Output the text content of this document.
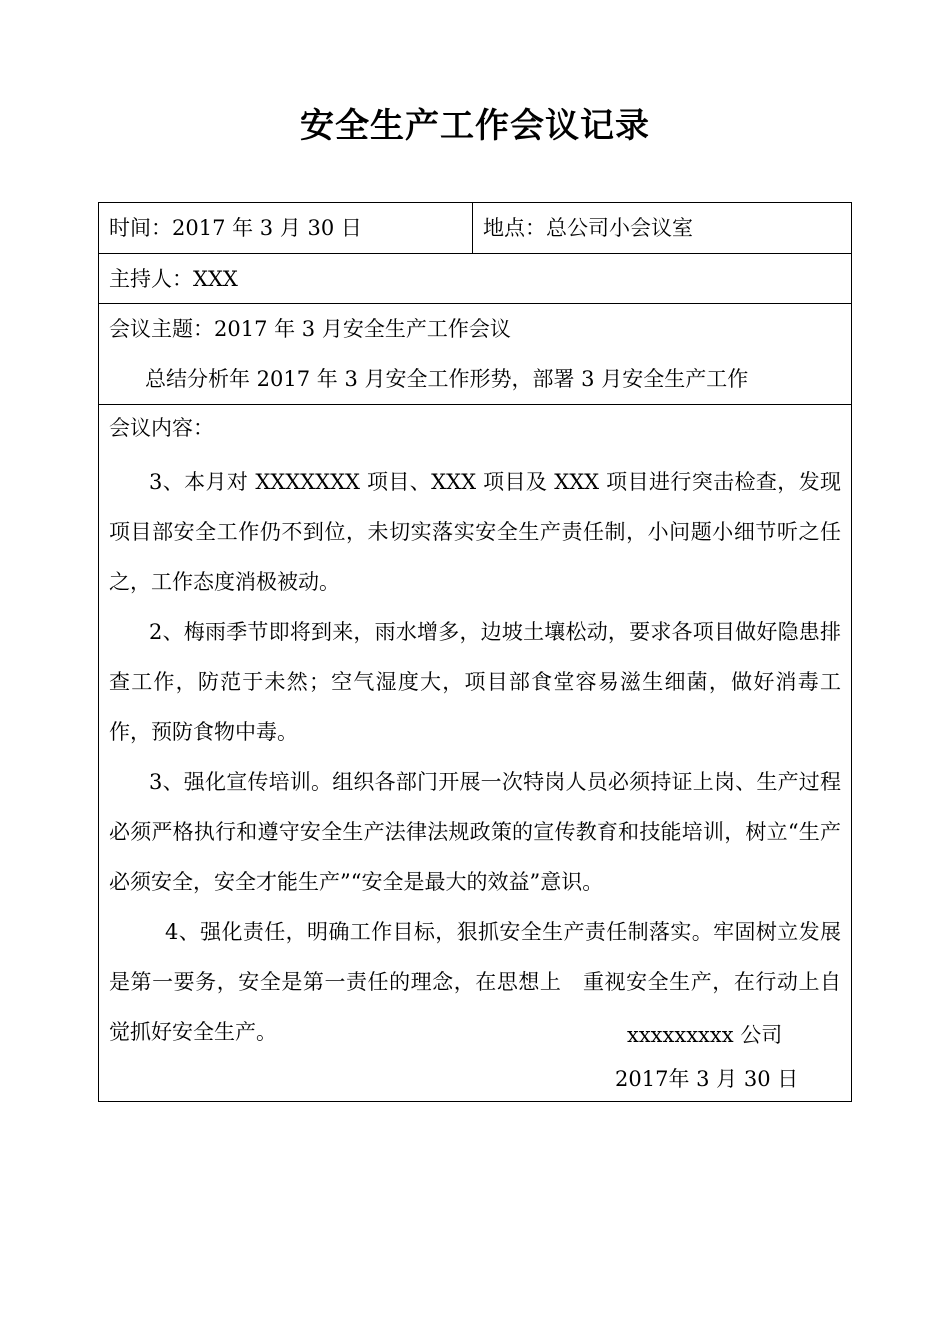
安全生产工作会议记录
时间：2017 年 3 月 30 日	地点：总公司小会议室
主持人：XXX
会议主题：2017 年 3 月安全生产工作会议
总结分析年 2017 年 3 月安全工作形势，部署 3 月安全生产工作
会议内容：

3、本月对 XXXXXXX 项目、XXX 项目及 XXX 项目进行突击检查，发现项目部安全工作仍不到位，未切实落实安全生产责任制，小问题小细节听之任之，工作态度消极被动。

2、梅雨季节即将到来，雨水增多，边坡土壤松动，要求各项目做好隐患排查工作，防范于未然；空气湿度大，项目部食堂容易滋生细菌，做好消毒工作，预防食物中毒。

3、强化宣传培训。组织各部门开展一次特岗人员必须持证上岗、生产过程必须严格执行和遵守安全生产法律法规政策的宣传教育和技能培训，树立“生产必须安全，安全才能生产”“安全是最大的效益”意识。

4、强化责任，明确工作目标，狠抓安全生产责任制落实。牢固树立发展是第一要务，安全是第一责任的理念，在思想上　重视安全生产，在行动上自觉抓好安全生产。	xxxxxxxxx 公司
2017年 3 月 30 日
